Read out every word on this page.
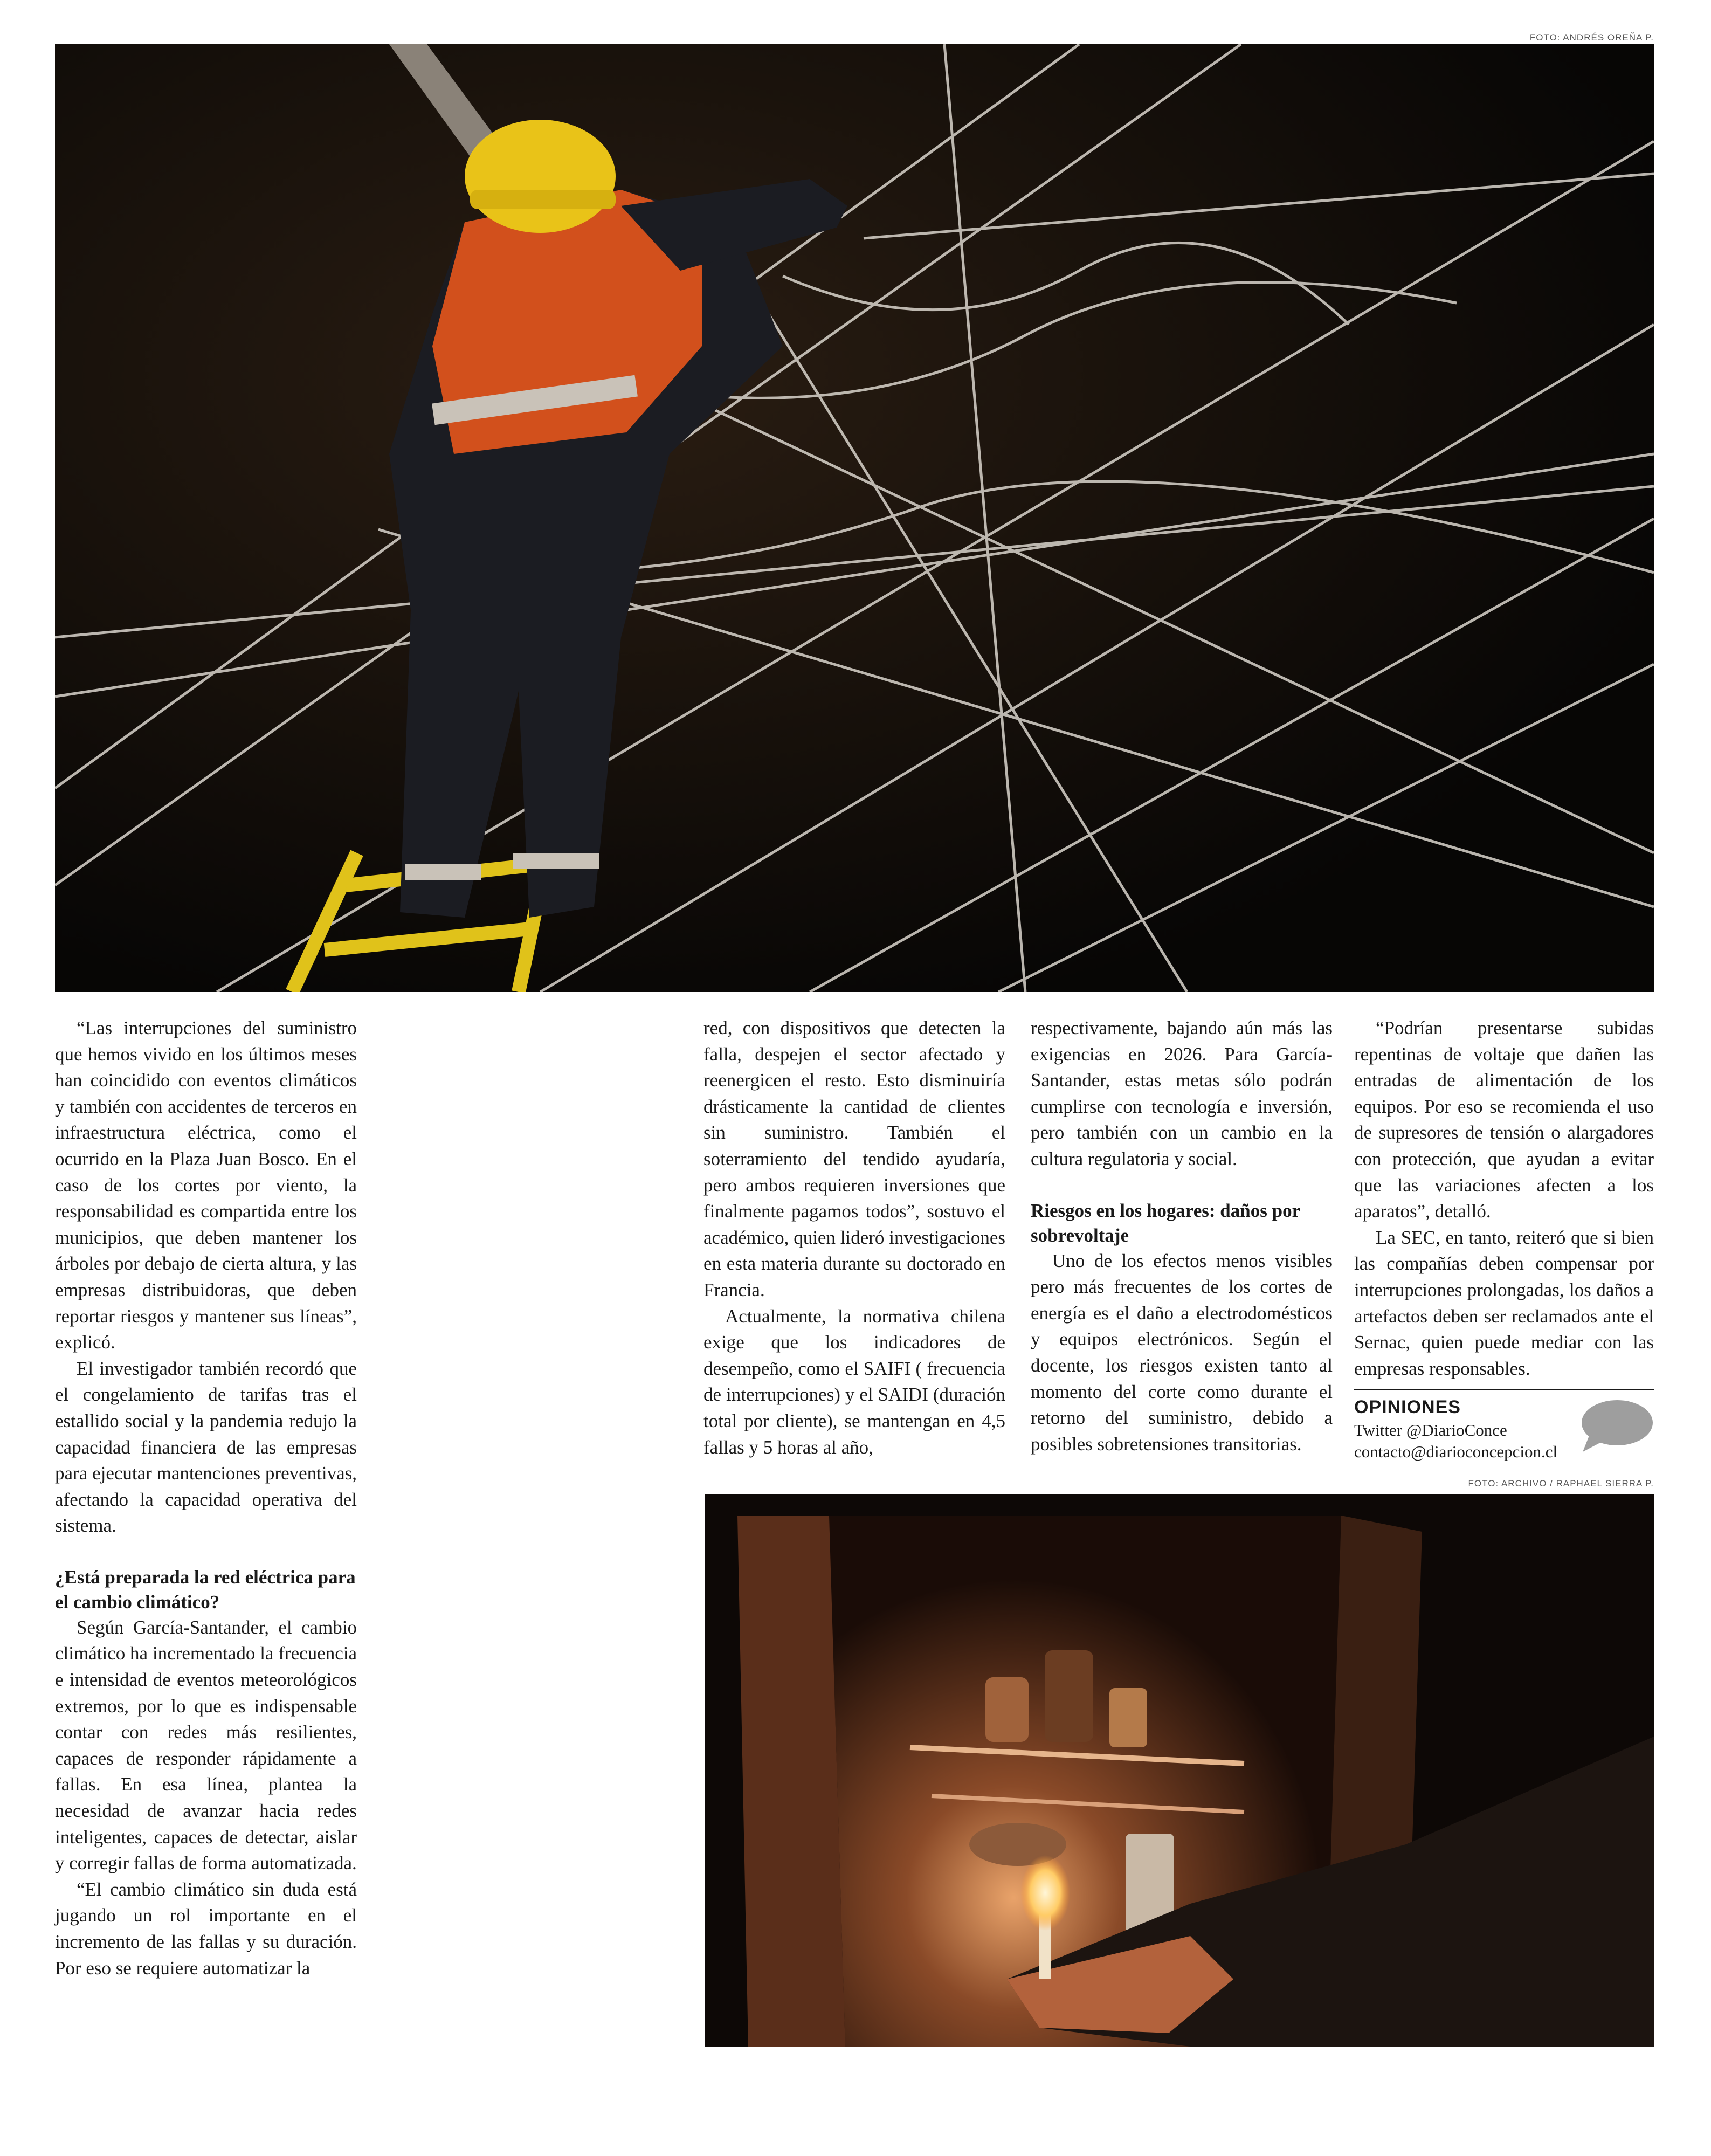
FOTO: ANDRÉS OREÑA P.

“Las interrupciones del suministro que hemos vivido en los últimos meses han coincidido con eventos climáticos y también con accidentes de terceros en infraestructura eléctrica, como el ocurrido en la Plaza Juan Bosco. En el caso de los cortes por viento, la responsabilidad es compartida entre los municipios, que deben mantener los árboles por debajo de cierta altura, y las empresas distribuidoras, que deben reportar riesgos y mantener sus líneas”, explicó.

El investigador también recordó que el congelamiento de tarifas tras el estallido social y la pandemia redujo la capacidad financiera de las empresas para ejecutar mantenciones preventivas, afectando la capacidad operativa del sistema.

¿Está preparada la red eléctrica para el cambio climático?

Según García-Santander, el cambio climático ha incrementado la frecuencia e intensidad de eventos meteorológicos extremos, por lo que es indispensable contar con redes más resilientes, capaces de responder rápidamente a fallas. En esa línea, plantea la necesidad de avanzar hacia redes inteligentes, capaces de detectar, aislar y corregir fallas de forma automatizada.

“El cambio climático sin duda está jugando un rol importante en el incremento de las fallas y su duración. Por eso se requiere automatizar la

red, con dispositivos que detecten la falla, despejen el sector afectado y reenergicen el resto. Esto disminuiría drásticamente la cantidad de clientes sin suministro. También el soterramiento del tendido ayudaría, pero ambos requieren inversiones que finalmente pagamos todos”, sostuvo el académico, quien lideró investigaciones en esta materia durante su doctorado en Francia.

Actualmente, la normativa chilena exige que los indicadores de desempeño, como el SAIFI ( frecuencia de interrupciones) y el SAIDI (duración total por cliente), se mantengan en 4,5 fallas y 5 horas al año,

respectivamente, bajando aún más las exigencias en 2026. Para García-Santander, estas metas sólo podrán cumplirse con tecnología e inversión, pero también con un cambio en la cultura regulatoria y social.

Riesgos en los hogares: daños por sobrevoltaje

Uno de los efectos menos visibles pero más frecuentes de los cortes de energía es el daño a electrodomésticos y equipos electrónicos. Según el docente, los riesgos existen tanto al momento del corte como durante el retorno del suministro, debido a posibles sobretensiones transitorias.

“Podrían presentarse subidas repentinas de voltaje que dañen las entradas de alimentación de los equipos. Por eso se recomienda el uso de supresores de tensión o alargadores con protección, que ayudan a evitar que las variaciones afecten a los aparatos”, detalló.

La SEC, en tanto, reiteró que si bien las compañías deben compensar por interrupciones prolongadas, los daños a artefactos deben ser reclamados ante el Sernac, quien puede mediar con las empresas responsables.

OPINIONES
Twitter @DiarioConce
contacto@diarioconcepcion.cl
FOTO: ARCHIVO / RAPHAEL SIERRA P.
